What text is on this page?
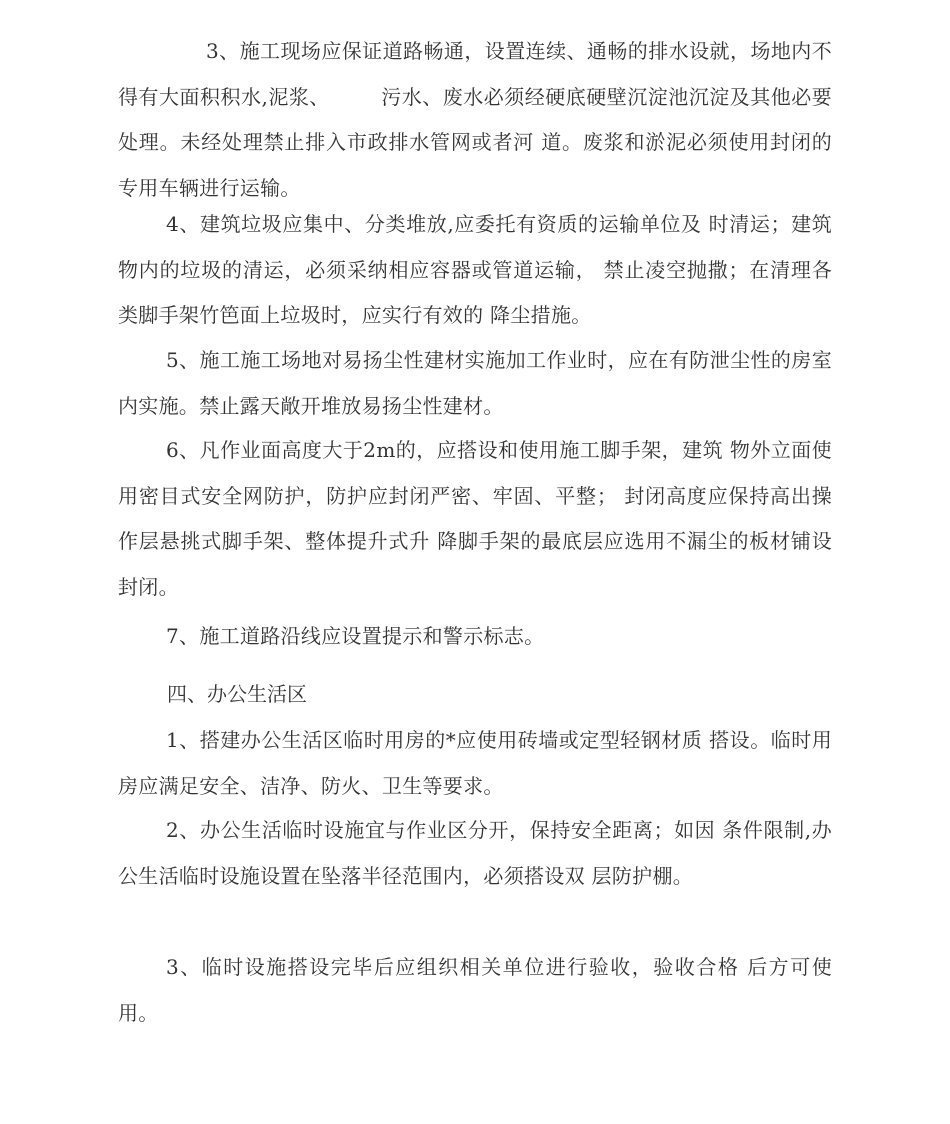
3、施工现场应保证道路畅通，设置连续、通畅的排水设就，场地内不得有大面积积水,泥浆、　　　污水、废水必须经硬底硬壁沉淀池沉淀及其他必要处理。未经处理禁止排入市政排水管网或者河 道。废浆和淤泥必须使用封闭的专用车辆进行运输。

4、建筑垃圾应集中、分类堆放,应委托有资质的运输单位及 时清运；建筑物内的垃圾的清运，必须采纳相应容器或管道运输， 禁止凌空抛撒；在清理各类脚手架竹笆面上垃圾时，应实行有效的 降尘措施。

5、施工施工场地对易扬尘性建材实施加工作业时，应在有防泄尘性的房室内实施。禁止露天敞开堆放易扬尘性建材。

6、凡作业面高度大于2m的，应搭设和使用施工脚手架，建筑 物外立面使用密目式安全网防护，防护应封闭严密、牢固、平整； 封闭高度应保持高出操作层悬挑式脚手架、整体提升式升 降脚手架的最底层应选用不漏尘的板材铺设封闭。

7、施工道路沿线应设置提示和警示标志。

四、办公生活区

1、搭建办公生活区临时用房的*应使用砖墙或定型轻钢材质 搭设。临时用房应满足安全、洁净、防火、卫生等要求。

2、办公生活临时设施宜与作业区分开，保持安全距离；如因 条件限制,办公生活临时设施设置在坠落半径范围内，必须搭设双 层防护棚。

3、临时设施搭设完毕后应组织相关单位进行验收，验收合格 后方可使用。
